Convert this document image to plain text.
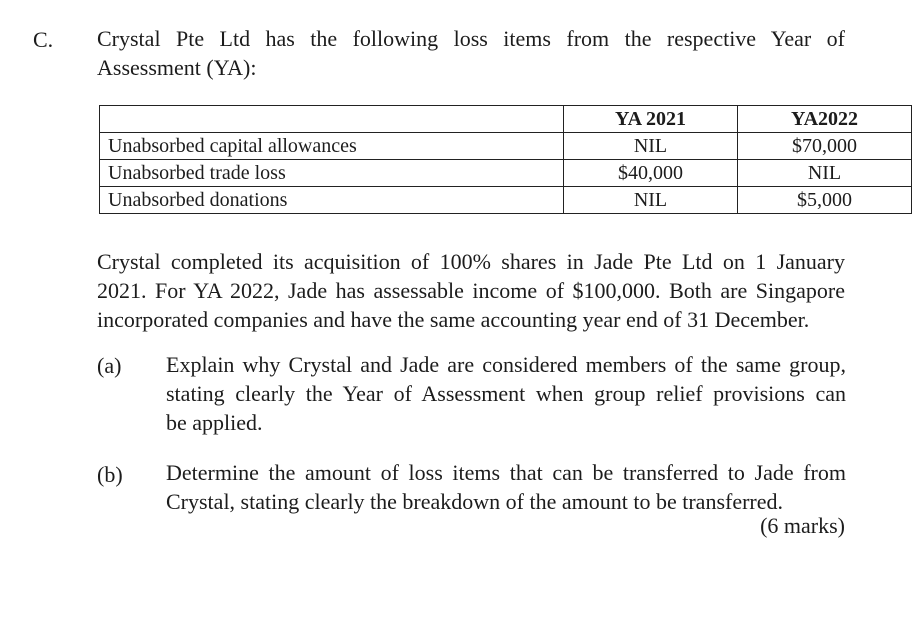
C. Crystal Pte Ltd has the following loss items from the respective Year of
Assessment (YA):
	YA 2021	YA2022
Unabsorbed capital allowances	NIL	$70,000
Unabsorbed trade loss	$40,000	NIL
Unabsorbed donations	NIL	$5,000
Crystal completed its acquisition of 100% shares in Jade Pte Ltd on 1 January
2021. For YA 2022, Jade has assessable income of $100,000. Both are Singapore
incorporated companies and have the same accounting year end of 31 December.
(a) Explain why Crystal and Jade are considered members of the same group,
stating clearly the Year of Assessment when group relief provisions can
be applied.
(b) Determine the amount of loss items that can be transferred to Jade from
Crystal, stating clearly the breakdown of the amount to be transferred.
(6 marks)
